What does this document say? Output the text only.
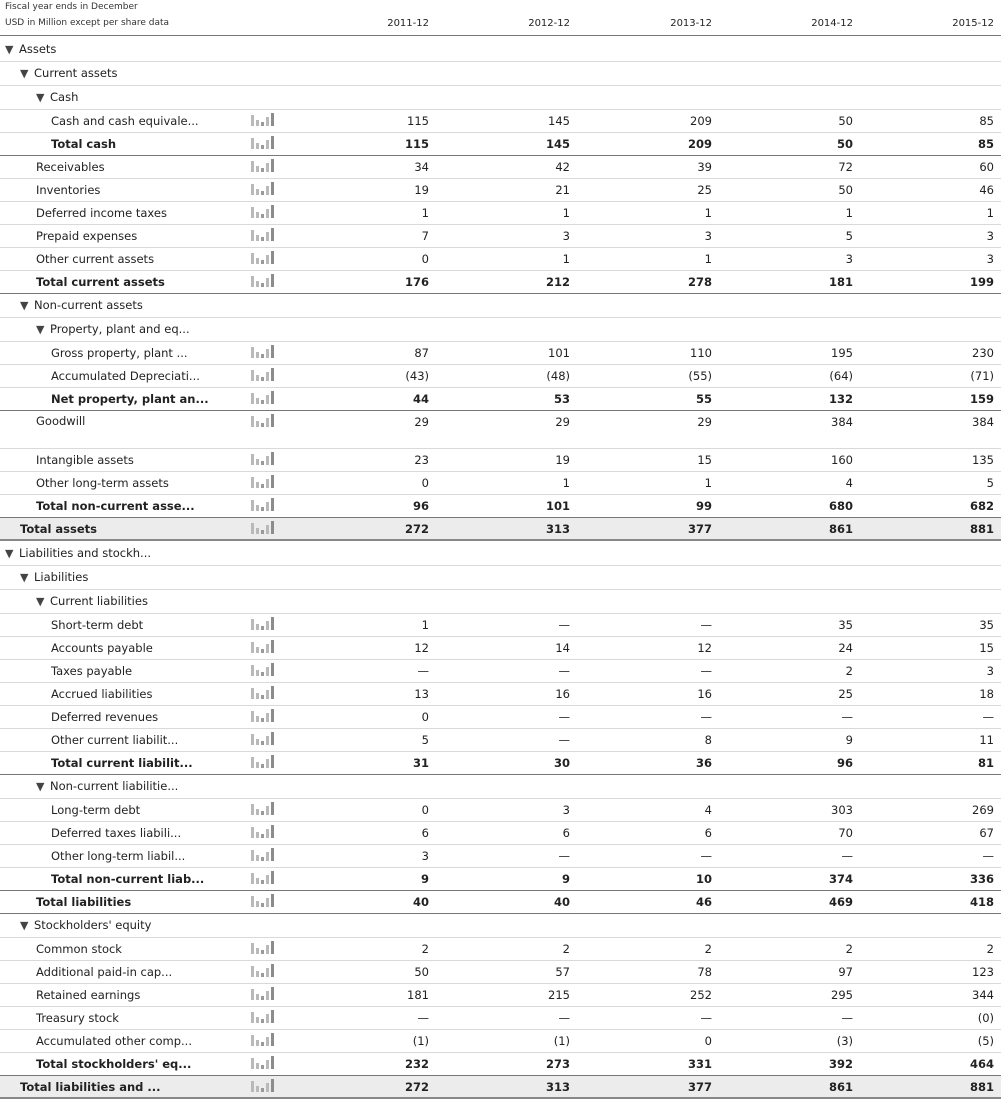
Fiscal year ends in December
USD in Million except per share data	2011-12	2012-12	2013-12	2014-12	2015-12
▼ Assets
▼ Current assets
▼ Cash
Cash and cash equivale...	115	145	209	50	85
Total cash	115	145	209	50	85
Receivables	34	42	39	72	60
Inventories	19	21	25	50	46
Deferred income taxes	1	1	1	1	1
Prepaid expenses	7	3	3	5	3
Other current assets	0	1	1	3	3
Total current assets	176	212	278	181	199
▼ Non-current assets
▼ Property, plant and eq...
Gross property, plant ...	87	101	110	195	230
Accumulated Depreciati...	(43)	(48)	(55)	(64)	(71)
Net property, plant an...	44	53	55	132	159
Goodwill	29	29	29	384	384
Intangible assets	23	19	15	160	135
Other long-term assets	0	1	1	4	5
Total non-current asse...	96	101	99	680	682
Total assets	272	313	377	861	881
▼ Liabilities and stockh...
▼ Liabilities
▼ Current liabilities
Short-term debt	1	—	—	35	35
Accounts payable	12	14	12	24	15
Taxes payable	—	—	—	2	3
Accrued liabilities	13	16	16	25	18
Deferred revenues	0	—	—	—	—
Other current liabilit...	5	—	8	9	11
Total current liabilit...	31	30	36	96	81
▼ Non-current liabilitie...
Long-term debt	0	3	4	303	269
Deferred taxes liabili...	6	6	6	70	67
Other long-term liabil...	3	—	—	—	—
Total non-current liab...	9	9	10	374	336
Total liabilities	40	40	46	469	418
▼ Stockholders' equity
Common stock	2	2	2	2	2
Additional paid-in cap...	50	57	78	97	123
Retained earnings	181	215	252	295	344
Treasury stock	—	—	—	—	(0)
Accumulated other comp...	(1)	(1)	0	(3)	(5)
Total stockholders' eq...	232	273	331	392	464
Total liabilities and ...	272	313	377	861	881
